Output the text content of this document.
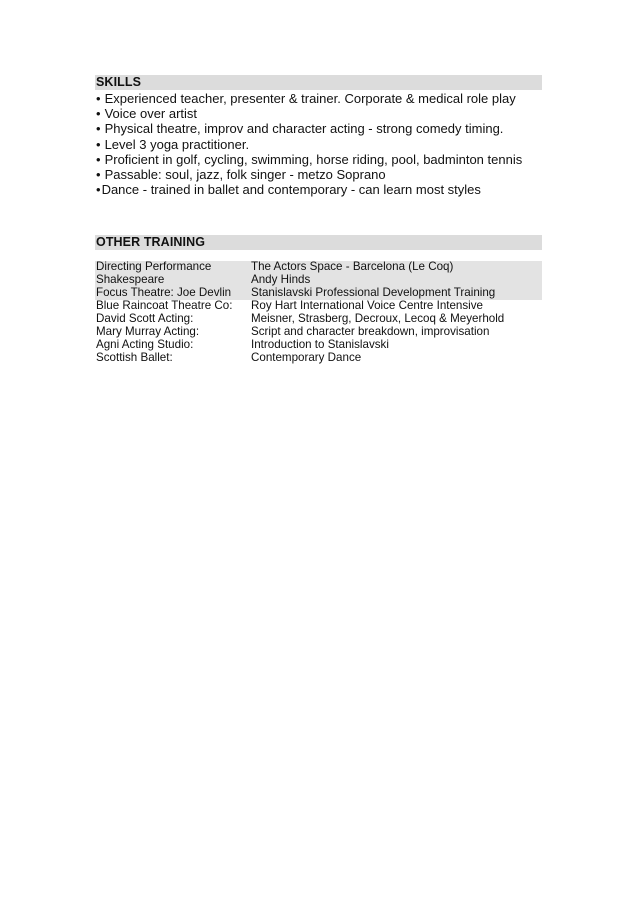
SKILLS
• Experienced teacher, presenter & trainer. Corporate & medical role play
• Voice over artist
• Physical theatre, improv and character acting - strong comedy timing.
• Level 3 yoga practitioner.
• Proficient in golf, cycling, swimming, horse riding, pool, badminton tennis
• Passable: soul, jazz, folk singer - metzo Soprano
•Dance - trained in ballet and contemporary - can learn most styles
OTHER TRAINING
Directing Performance	The Actors Space - Barcelona (Le Coq)
Shakespeare	Andy Hinds
Focus Theatre: Joe Devlin	Stanislavski Professional Development Training
Blue Raincoat Theatre Co:	Roy Hart International Voice Centre Intensive
David Scott Acting:	Meisner, Strasberg, Decroux, Lecoq & Meyerhold
Mary Murray Acting:	Script and character breakdown, improvisation
Agni Acting Studio:	Introduction to Stanislavski
Scottish Ballet:	Contemporary Dance
